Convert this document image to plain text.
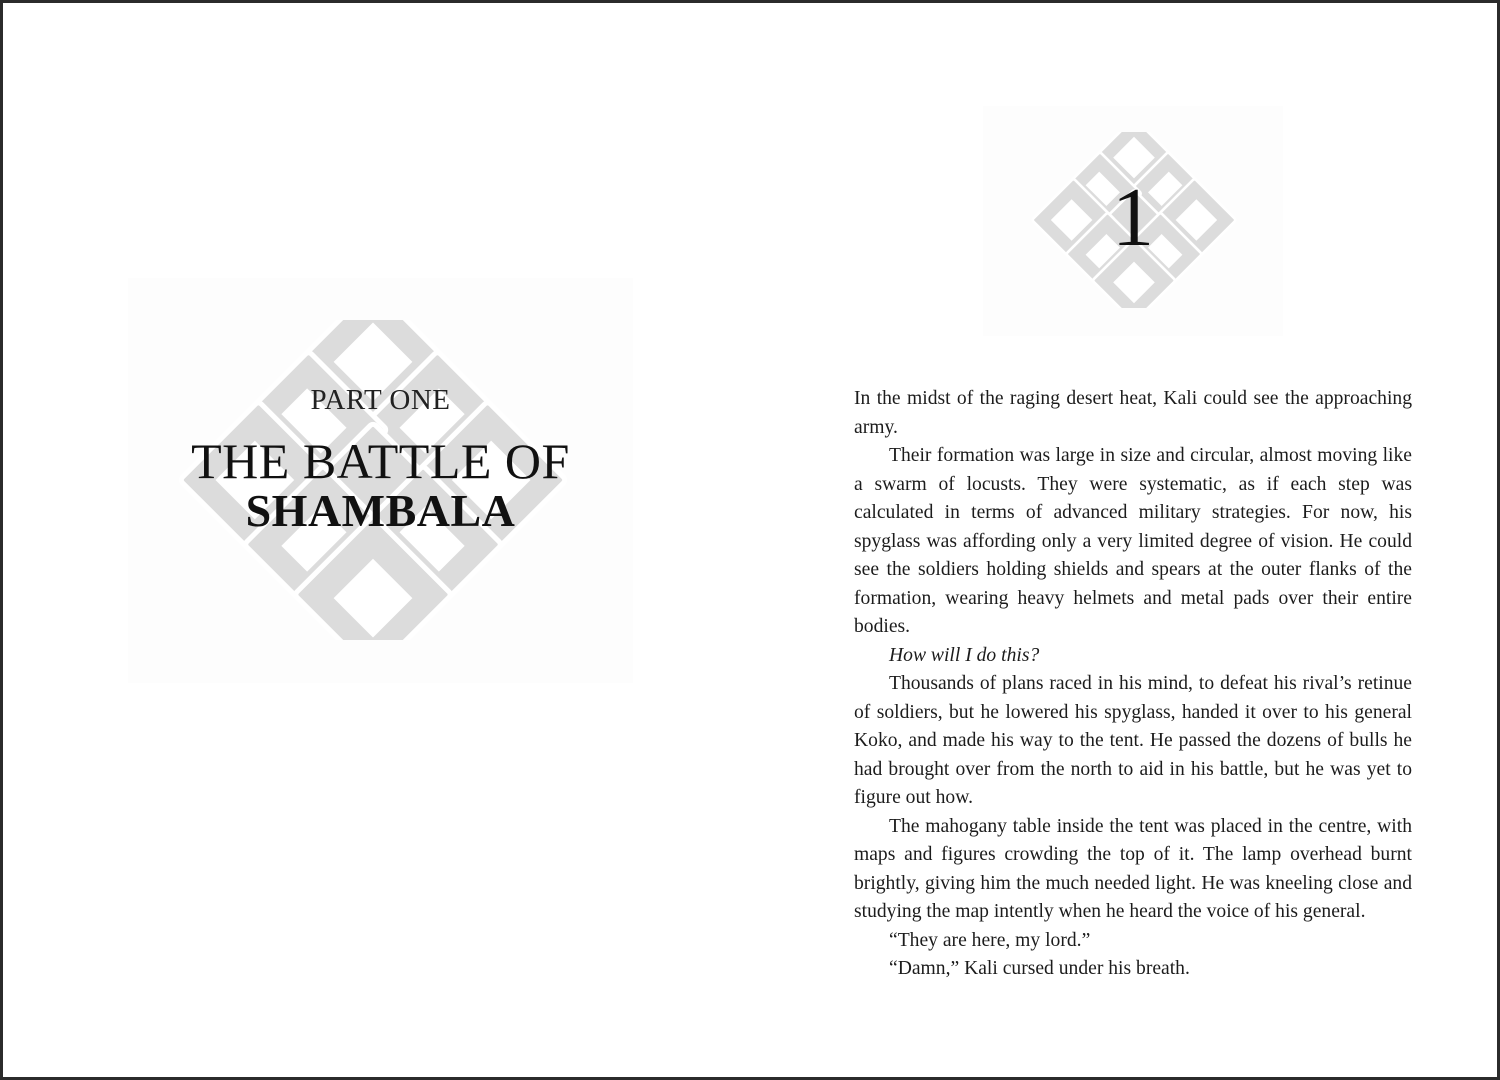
PART ONE
THE BATTLE OF
SHAMBALA
1

In the midst of the raging desert heat, Kali could see the approaching army.

Their formation was large in size and circular, almost moving like a swarm of locusts. They were systematic, as if each step was calculated in terms of advanced military strategies. For now, his spyglass was affording only a very limited degree of vision. He could see the soldiers holding shields and spears at the outer flanks of the formation, wearing heavy helmets and metal pads over their entire bodies.

How will I do this?

Thousands of plans raced in his mind, to defeat his rival’s retinue of soldiers, but he lowered his spyglass, handed it over to his general Koko, and made his way to the tent. He passed the dozens of bulls he had brought over from the north to aid in his battle, but he was yet to figure out how.

The mahogany table inside the tent was placed in the centre, with maps and figures crowding the top of it. The lamp overhead burnt brightly, giving him the much needed light. He was kneeling close and studying the map intently when he heard the voice of his general.

“They are here, my lord.”

“Damn,” Kali cursed under his breath.
